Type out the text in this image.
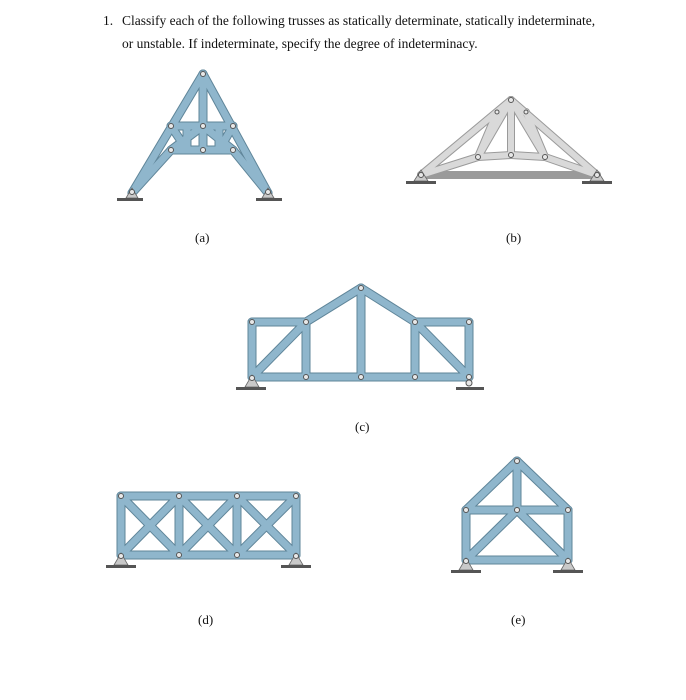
1. Classify each of the following trusses as statically determinate, statically indeterminate,
or unstable. If indeterminate, specify the degree of indeterminacy.
(a)	(b)
(c)
(d)	(e)
